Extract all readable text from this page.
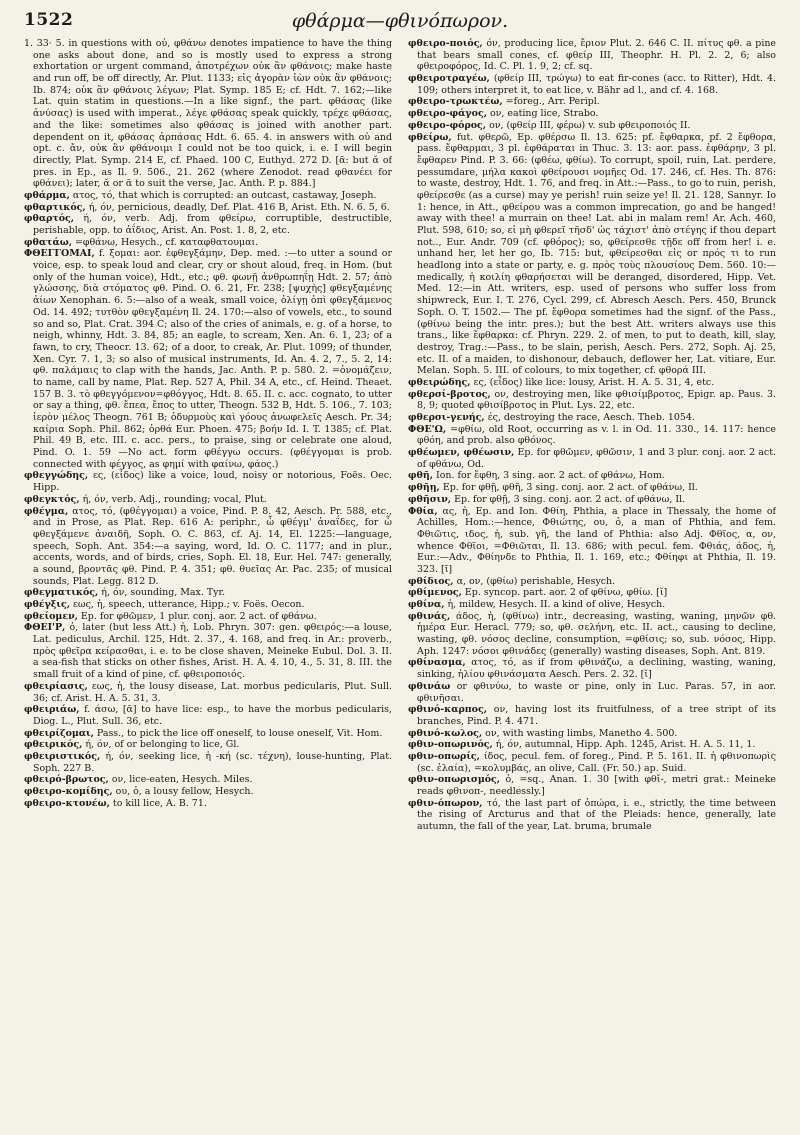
1522	φθάρμα—φθινόπωρον.

1. 33· 5. in questions with οὐ, φθάνω denotes impatience to have the thing one asks about done, and so is mostly used to express a strong exhortation or urgent command, ἀποτρέχων οὐκ ἂν φθάνοις; make haste and run off, be off directly, Ar. Plut. 1133; εἰς ἀγορὰν ἰὼν οὐκ ἂν φθάνοις; Ib. 874; οὐκ ἂν φθάνοις λέγων; Plat. Symp. 185 E; cf. Hdt. 7. 162;—like Lat. quin statim in questions.—In a like signf., the part. φθάσας (like ἀνύσας) is used with imperat., λέγε φθάσας speak quickly, τρέχε φθάσας, and the like: sometimes also φθάσας is joined with another part. dependent on it, φθάσας ἁρπάσας Hdt. 6. 65. 4. in answers with οὐ and opt. c. ἄν, οὐκ ἂν φθάνοιμι I could not be too quick, i. e. I will begin directly, Plat. Symp. 214 E, cf. Phaed. 100 C, Euthyd. 272 D. [ᾱ: but ᾰ of pres. in Ep., as Il. 9. 506., 21. 262 (where Zenodot. read φθανέει for φθάνει); later, ᾰ or ᾱ to suit the verse, Jac. Anth. P. p. 884.]

φθάρμα, ατος, τό, that which is corrupted: an outcast, castaway, Joseph.

φθαρτικός, ή, όν, pernicious, deadly, Def. Plat. 416 B, Arist. Eth. N. 6. 5, 6.

φθαρτός, ή, όν, verb. Adj. from φθείρω, corruptible, destructible, perishable, opp. to ἀΐδιος, Arist. An. Post. 1. 8, 2, etc.

φθατάω, =φθάνω, Hesych., cf. καταφθατουμαι.

ΦΘΕΓΓΟΜΑΙ, f. ξομαι: aor. ἐφθεγξάμην, Dep. med. :—to utter a sound or voice, esp. to speak loud and clear, cry or shout aloud, freq. in Hom. (but only of the human voice), Hdt., etc.; φθ. φωνῇ ἀνθρωπηΐῃ Hdt. 2. 57; ἀπὸ γλώσσης, διὰ στόματος φθ. Pind. O. 6. 21, Fr. 238; [ψυχὴς] φθεγξαμένης ἀίων Xenophan. 6. 5:—also of a weak, small voice, ὀλίγῃ ὀπὶ φθεγξάμενος Od. 14. 492; τυτθὸν φθεγξαμένη Il. 24. 170:—also of vowels, etc., to sound so and so, Plat. Crat. 394 C; also of the cries of animals, e. g. of a horse, to neigh, whinny, Hdt. 3. 84, 85; an eagle, to scream, Xen. An. 6. 1, 23; of a fawn, to cry, Theocr. 13. 62; of a door, to creak, Ar. Plut. 1099; of thunder, Xen. Cyr. 7. 1, 3; so also of musical instruments, Id. An. 4. 2, 7., 5. 2, 14: φθ. παλάμαις to clap with the hands, Jac. Anth. P. p. 580. 2. =ὀνομάζειν, to name, call by name, Plat. Rep. 527 A, Phil. 34 A, etc., cf. Heind. Theaet. 157 B. 3. τὸ φθεγγόμενον=φθόγγος, Hdt. 8. 65. II. c. acc. cognato, to utter or say a thing, φθ. ἔπεα, ἔπος to utter, Theogn. 532 B, Hdt. 5. 106., 7. 103; ἱερὸν μέλος Theogn. 761 B; ὀδυρμοὺς καὶ γόους ἀνωφελεῖς Aesch. Pr. 34; καίρια Soph. Phil. 862; ὀρθά Eur. Phoen. 475; βοήν Id. I. T. 1385; cf. Plat. Phil. 49 B, etc. III. c. acc. pers., to praise, sing or celebrate one aloud, Pind. O. 1. 59 —No act. form φθέγγω occurs. (φθέγγομαι is prob. connected with φέγγος, as φημί with φαίνω, φάος.)

φθεγγώδης, ες, (εἶδος) like a voice, loud, noisy or notorious, Foës. Oec. Hipp.

φθεγκτός, ή, όν, verb. Adj., rounding; vocal, Plut.

φθέγμα, ατος, τό, (φθέγγομαι) a voice, Pind. P. 8. 42, Aesch. Pr. 588, etc., and in Prose, as Plat. Rep. 616 A: periphr., ὦ φθέγμ' ἀναΐδες, for ὦ φθεγξάμενε ἀναιδῆ, Soph. O. C. 863, cf. Aj. 14, El. 1225:—language, speech, Soph. Ant. 354:—a saying, word, Id. O. C. 1177; and in plur., accents, words, and of birds, cries, Soph. El. 18, Eur. Hel. 747: generally, a sound, βροντᾶς φθ. Pind. P. 4. 351; φθ. θυεῖας Ar. Pac. 235; of musical sounds, Plat. Legg. 812 D.

φθεγματικός, ή, όν, sounding, Max. Tyr.

φθέγξις, εως, ἡ, speech, utterance, Hipp.; v. Foës. Oecon.

φθείομεν, Ep. for φθῶμεν, 1 plur. conj. aor. 2 act. of φθάνω.

ΦΘΕΙ'Ρ, ὁ, later (but less Att.) ἡ, Lob. Phryn. 307: gen. φθειρός:—a louse, Lat. pediculus, Archil. 125, Hdt. 2. 37., 4. 168, and freq. in Ar.: proverb., πρὸς φθεῖρα κείρασθαι, i. e. to be close shaven, Meineke Eubul. Dol. 3. II. a sea-fish that sticks on other fishes, Arist. H. A. 4. 10, 4., 5. 31, 8. III. the small fruit of a kind of pine, cf. φθειροποιός.

φθειρίασις, εως, ἡ, the lousy disease, Lat. morbus pedicularis, Plut. Sull. 36; cf. Arist. H. A. 5. 31, 3.

φθειριάω, f. άσω, [ᾱ] to have lice: esp., to have the morbus pedicularis, Diog. L., Plut. Sull. 36, etc.

φθειρίζομαι, Pass., to pick the lice off oneself, to louse oneself, Vit. Hom.

φθειρικός, ή, όν, of or belonging to lice, Gl.

φθειριστικός, ή, όν, seeking lice, ἡ -κή (sc. τέχνη), louse-hunting, Plat. Soph. 227 B.

φθειρό-βρωτος, ον, lice-eaten, Hesych. Miles.

φθειρο-κομίδης, ου, ὁ, a lousy fellow, Hesych.

φθειρο-κτονέω, to kill lice, A. B. 71.

φθειρο-ποιός, όν, producing lice, ἔριον Plut. 2. 646 C. II. πίτυς φθ. a pine that bears small cones, cf. φθείρ III, Theophr. H. Pl. 2. 2, 6; also φθειροφόρος, Id. C. Pl. 1. 9, 2; cf. sq.

φθειροτραγέω, (φθείρ III, τρώγω) to eat fir-cones (acc. to Ritter), Hdt. 4. 109; others interpret it, to eat lice, v. Bähr ad l., and cf. 4. 168.

φθειρο-τρωκτέω, =foreg., Arr. Peripl.

φθειρο-φάγος, ον, eating lice, Strabo.

φθειρο-φόρος, ον, (φθείρ III, φέρω) v. sub φθειροποιός II.

φθείρω, fut. φθερῶ, Ep. φθέρσω Il. 13. 625: pf. ἔφθαρκα, pf. 2 ἔφθορα, pass. ἔφθαρμαι, 3 pl. ἐφθάραται in Thuc. 3. 13: aor. pass. ἐφθάρην, 3 pl. ἔφθαρεν Pind. P. 3. 66: (φθέω, φθίω). To corrupt, spoil, ruin, Lat. perdere, pessumdare, μήλα κακοὶ φθείρουσι νομῆες Od. 17. 246, cf. Hes. Th. 876: to waste, destroy, Hdt. 1. 76, and freq. in Att.:—Pass., to go to ruin, perish, φθείρεσθε (as a curse) may ye perish! ruin seize ye! Il. 21. 128, Sannyr. Io 1: hence, in Att., φθείρου was a common imprecation, go and be hanged! away with thee! a murrain on thee! Lat. abi in malam rem! Ar. Ach. 460, Plut. 598, 610; so, εἰ μὴ φθερεῖ τῆσδ' ὡς τάχιστ' ἀπὸ στέγης if thou depart not.., Eur. Andr. 709 (cf. φθόρος); so, φθείρεσθε τῇδε off from her! i. e. unhand her, let her go, Ib. 715: but, φθείρεσθαι εἰς or πρός τι to run headlong into a state or party, e. g. πρὸς τοὺς πλουσίους Dem. 560. 10:—medically, ἡ κοιλίη φθαρήσεται will be deranged, disordered, Hipp. Vet. Med. 12:—in Att. writers, esp. used of persons who suffer loss from shipwreck, Eur. I. T. 276, Cycl. 299, cf. Abresch Aesch. Pers. 450, Brunck Soph. O. T. 1502.— The pf. ἔφθορα sometimes had the signf. of the Pass., (φθίνω being the intr. pres.); but the best Att. writers always use this trans., like ἔφθαρκα: cf. Phryn. 229. 2. of men, to put to death, kill, slay, destroy, Trag.:—Pass., to be slain, perish, Aesch. Pers. 272, Soph. Aj. 25, etc. II. of a maiden, to dishonour, debauch, deflower her, Lat. vitiare, Eur. Melan. Soph. 5. III. of colours, to mix together, cf. φθορά III.

φθειρώδης, ες, (εἶδος) like lice: lousy, Arist. H. A. 5. 31, 4, etc.

φθερσί-βροτος, ον, destroying men, like φθισίμβροτος, Epigr. ap. Paus. 3. 8, 9; quoted φθισίβροτος in Plut. Lys. 22, etc.

φθερσι-γενής, ές, destroying the race, Aesch. Theb. 1054.

ΦΘΕ'Ω, =φθίω, old Root, occurring as v. l. in Od. 11. 330., 14. 117: hence φθόη, and prob. also φθόνος.

φθέωμεν, φθέωσιν, Ep. for φθῶμεν, φθῶσιν, 1 and 3 plur. conj. aor. 2 act. of φθάνω, Od.

φθῆ, Ion. for ἔφθη, 3 sing. aor. 2 act. of φθάνω, Hom.

φθῆῃ, Ep. for φθῇ, φθῆ, 3 sing. conj. aor. 2 act. of φθάνω, Il.

φθῆσιν, Ep. for φθῇ, 3 sing. conj. aor. 2 act. of φθάνω, Il.

Φθία, ας, ἡ, Ep. and Ion. Φθίη, Phthia, a place in Thessaly, the home of Achilles, Hom.:—hence, Φθιώτης, ου, ὁ, a man of Phthia, and fem. Φθιῶτις, ιδος, ἡ, sub. γῆ, the land of Phthia: also Adj. Φθῖος, α, ον, whence Φθῖοι, =Φθιῶται, Il. 13. 686; with pecul. fem. Φθιάς, άδος, ἡ, Eur.:—Adv., Φθίηνδε to Phthia, Il. 1. 169, etc.; Φθίηφι at Phthia, Il. 19. 323. [ῑ]

φθίδιος, α, ον, (φθίω) perishable, Hesych.

φθίμενος, Ep. syncop. part. aor. 2 of φθίνω, φθίω. [ῐ]

φθίνα, ἡ, mildew, Hesych. II. a kind of olive, Hesych.

φθινάς, άδος, ἡ, (φθίνω) intr., decreasing, wasting, waning, μηνῶν φθ. ἡμέρα Eur. Heracl. 779; so, φθ. σελήνη, etc. II. act., causing to decline, wasting, φθ. νόσος decline, consumption, =φθίσις; so, sub. νόσος, Hipp. Aph. 1247: νόσοι φθινάδες (generally) wasting diseases, Soph. Ant. 819.

φθίνασμα, ατος, τό, as if from φθινάζω, a declining, wasting, waning, sinking, ἡλίου φθινάσματα Aesch. Pers. 2. 32. [ῐ]

φθινάω or φθινύω, to waste or pine, only in Luc. Paras. 57, in aor. φθινῆσαι.

φθινό-καρπος, ον, having lost its fruitfulness, of a tree stript of its branches, Pind. P. 4. 471.

φθινό-κωλος, ον, with wasting limbs, Manetho 4. 500.

φθιν-οπωρινός, ή, όν, autumnal, Hipp. Aph. 1245, Arist. H. A. 5. 11, 1.

φθιν-οπωρίς, ίδος, pecul. fem. of foreg., Pind. P. 5. 161. II. ἡ φθινοπωρὶς (sc. ἐλαία), =κολυμβάς, an olive, Call. (Fr. 50.) ap. Suid.

φθιν-οπωρισμός, ὁ, =sq., Anan. 1. 30 [with φθῐ-, metri grat.: Meineke reads φθινοπ-, needlessly.]

φθιν-όπωρον, τό, the last part of ὀπώρα, i. e., strictly, the time between the rising of Arcturus and that of the Pleiads: hence, generally, late autumn, the fall of the year, Lat. bruma, brumale
